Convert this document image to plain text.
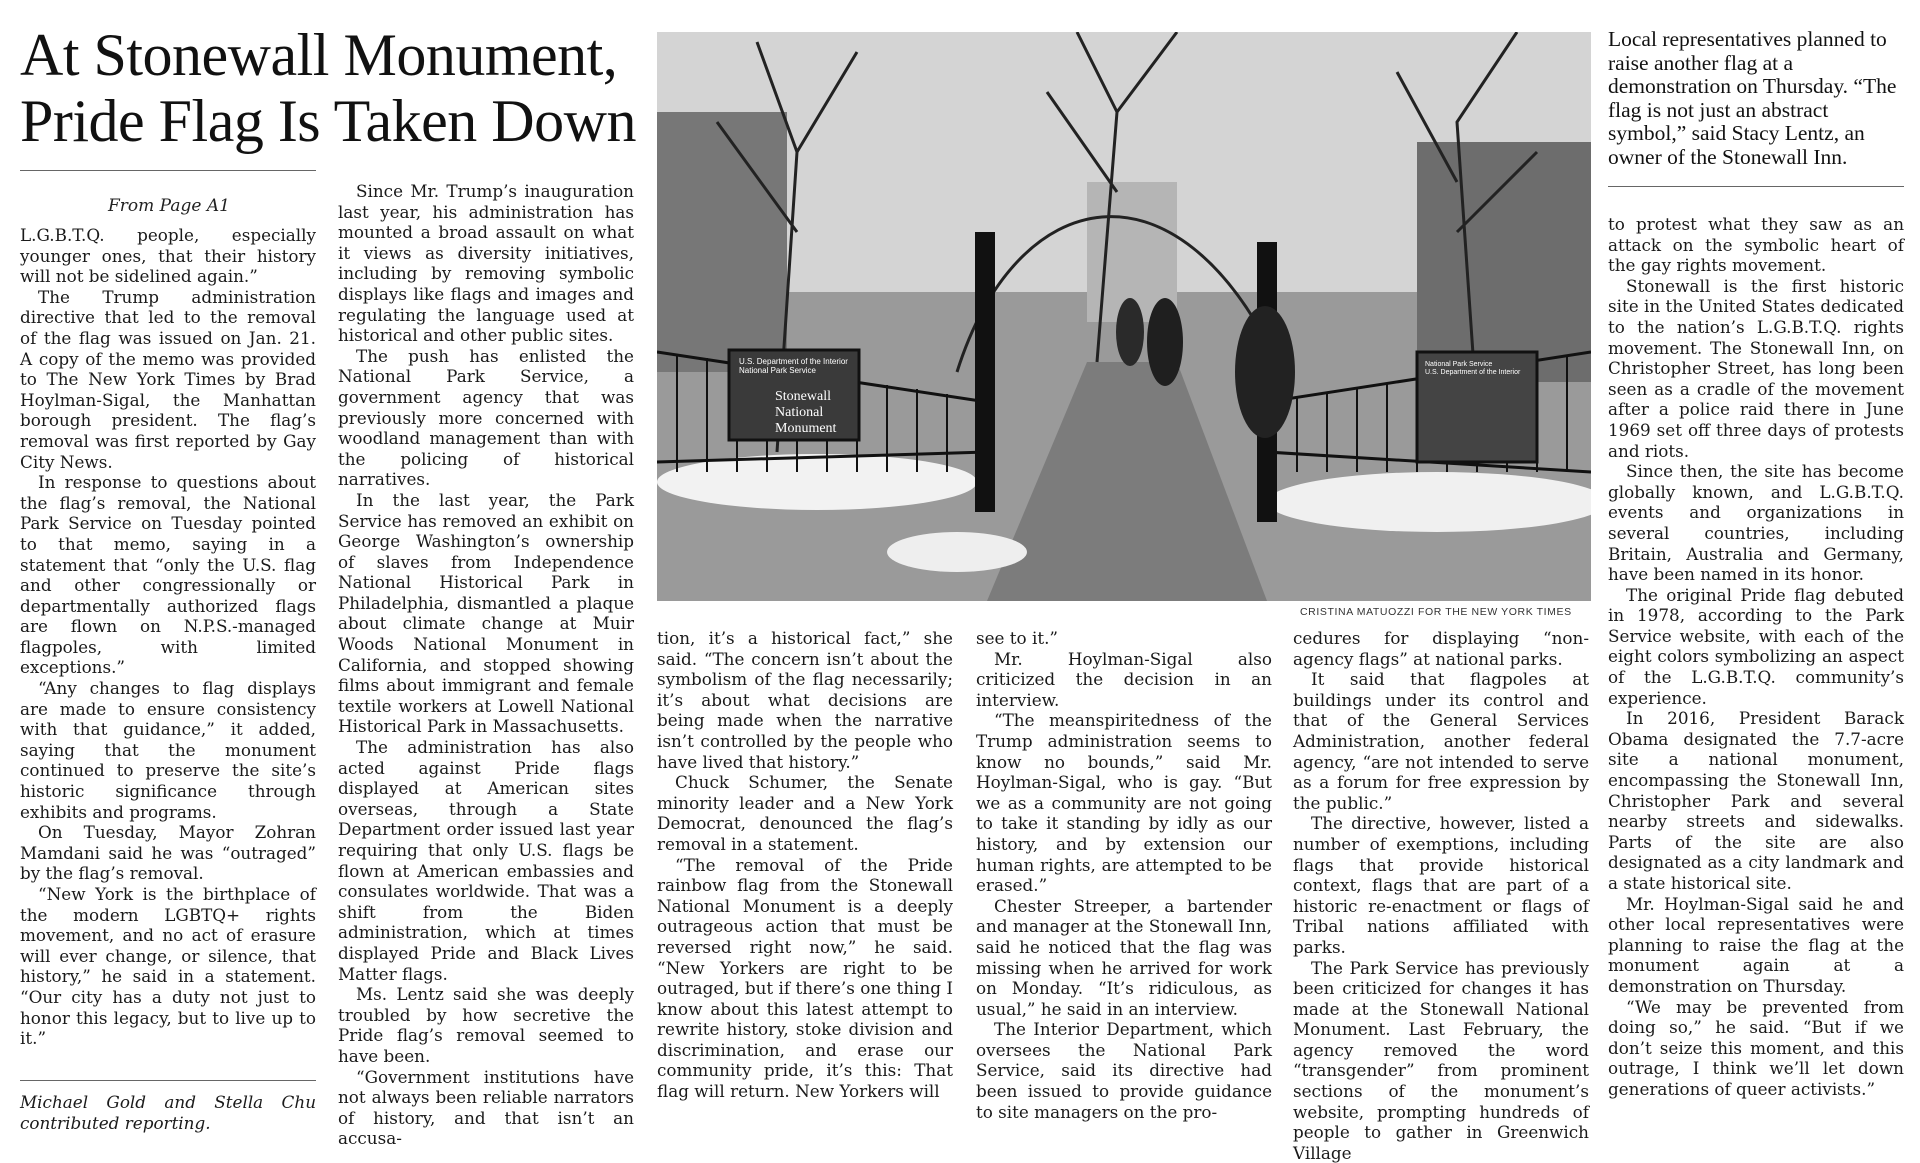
At Stonewall Monument, Pride Flag Is Taken Down
From Page A1

L.G.B.T.Q. people, especially younger ones, that their history will not be sidelined again.”

The Trump administration directive that led to the removal of the flag was issued on Jan. 21. A copy of the memo was provided to The New York Times by Brad Hoylman-Sigal, the Manhattan borough president. The flag’s removal was first reported by Gay City News.

In response to questions about the flag’s removal, the National Park Service on Tuesday pointed to that memo, saying in a statement that “only the U.S. flag and other congressionally or departmentally authorized flags are flown on N.P.S.-managed flagpoles, with limited exceptions.”

“Any changes to flag displays are made to ensure consistency with that guidance,” it added, saying that the monument continued to preserve the site’s historic significance through exhibits and programs.

On Tuesday, Mayor Zohran Mamdani said he was “outraged” by the flag’s removal.

“New York is the birthplace of the modern LGBTQ+ rights movement, and no act of erasure will ever change, or silence, that history,” he said in a statement. “Our city has a duty not just to honor this legacy, but to live up to it.”

Michael Gold and Stella Chu contributed reporting.

Since Mr. Trump’s inauguration last year, his administration has mounted a broad assault on what it views as diversity initiatives, including by removing symbolic displays like flags and images and regulating the language used at historical and other public sites.

The push has enlisted the National Park Service, a government agency that was previously more concerned with woodland management than with the policing of historical narratives.

In the last year, the Park Service has removed an exhibit on George Washington’s ownership of slaves from Independence National Historical Park in Philadelphia, dismantled a plaque about climate change at Muir Woods National Monument in California, and stopped showing films about immigrant and female textile workers at Lowell National Historical Park in Massachusetts.

The administration has also acted against Pride flags displayed at American sites overseas, through a State Department order issued last year requiring that only U.S. flags be flown at American embassies and consulates worldwide. That was a shift from the Biden administration, which at times displayed Pride and Black Lives Matter flags.

Ms. Lentz said she was deeply troubled by how secretive the Pride flag’s removal seemed to have been.

“Government institutions have not always been reliable narrators of history, and that isn’t an accusa-

U.S. Department of the Interior National Park Service
Stonewall National Monument
National Park Service U.S. Department of the Interior
CRISTINA MATUOZZI FOR THE NEW YORK TIMES

tion, it’s a historical fact,” she said. “The concern isn’t about the symbolism of the flag necessarily; it’s about what decisions are being made when the narrative isn’t controlled by the people who have lived that history.”

Chuck Schumer, the Senate minority leader and a New York Democrat, denounced the flag’s removal in a statement.

“The removal of the Pride rainbow flag from the Stonewall National Monument is a deeply outrageous action that must be reversed right now,” he said. “New Yorkers are right to be outraged, but if there’s one thing I know about this latest attempt to rewrite history, stoke division and discrimination, and erase our community pride, it’s this: That flag will return. New Yorkers will

see to it.”

Mr. Hoylman-Sigal also criticized the decision in an interview.

“The meanspiritedness of the Trump administration seems to know no bounds,” said Mr. Hoylman-Sigal, who is gay. “But we as a community are not going to take it standing by idly as our history, and by extension our human rights, are attempted to be erased.”

Chester Streeper, a bartender and manager at the Stonewall Inn, said he noticed that the flag was missing when he arrived for work on Monday. “It’s ridiculous, as usual,” he said in an interview.

The Interior Department, which oversees the National Park Service, said its directive had been issued to provide guidance to site managers on the pro-

cedures for displaying “non-agency flags” at national parks.

It said that flagpoles at buildings under its control and that of the General Services Administration, another federal agency, “are not intended to serve as a forum for free expression by the public.”

The directive, however, listed a number of exemptions, including flags that provide historical context, flags that are part of a historic re-enactment or flags of Tribal nations affiliated with parks.

The Park Service has previously been criticized for changes it has made at the Stonewall National Monument. Last February, the agency removed the word “transgender” from prominent sections of the monument’s website, prompting hundreds of people to gather in Greenwich Village

Local representatives planned to raise another flag at a demonstration on Thursday. “The flag is not just an abstract symbol,” said Stacy Lentz, an owner of the Stonewall Inn.

to protest what they saw as an attack on the symbolic heart of the gay rights movement.

Stonewall is the first historic site in the United States dedicated to the nation’s L.G.B.T.Q. rights movement. The Stonewall Inn, on Christopher Street, has long been seen as a cradle of the movement after a police raid there in June 1969 set off three days of protests and riots.

Since then, the site has become globally known, and L.G.B.T.Q. events and organizations in several countries, including Britain, Australia and Germany, have been named in its honor.

The original Pride flag debuted in 1978, according to the Park Service website, with each of the eight colors symbolizing an aspect of the L.G.B.T.Q. community’s experience.

In 2016, President Barack Obama designated the 7.7-acre site a national monument, encompassing the Stonewall Inn, Christopher Park and several nearby streets and sidewalks. Parts of the site are also designated as a city landmark and a state historical site.

Mr. Hoylman-Sigal said he and other local representatives were planning to raise the flag at the monument again at a demonstration on Thursday.

“We may be prevented from doing so,” he said. “But if we don’t seize this moment, and this outrage, I think we’ll let down generations of queer activists.”
